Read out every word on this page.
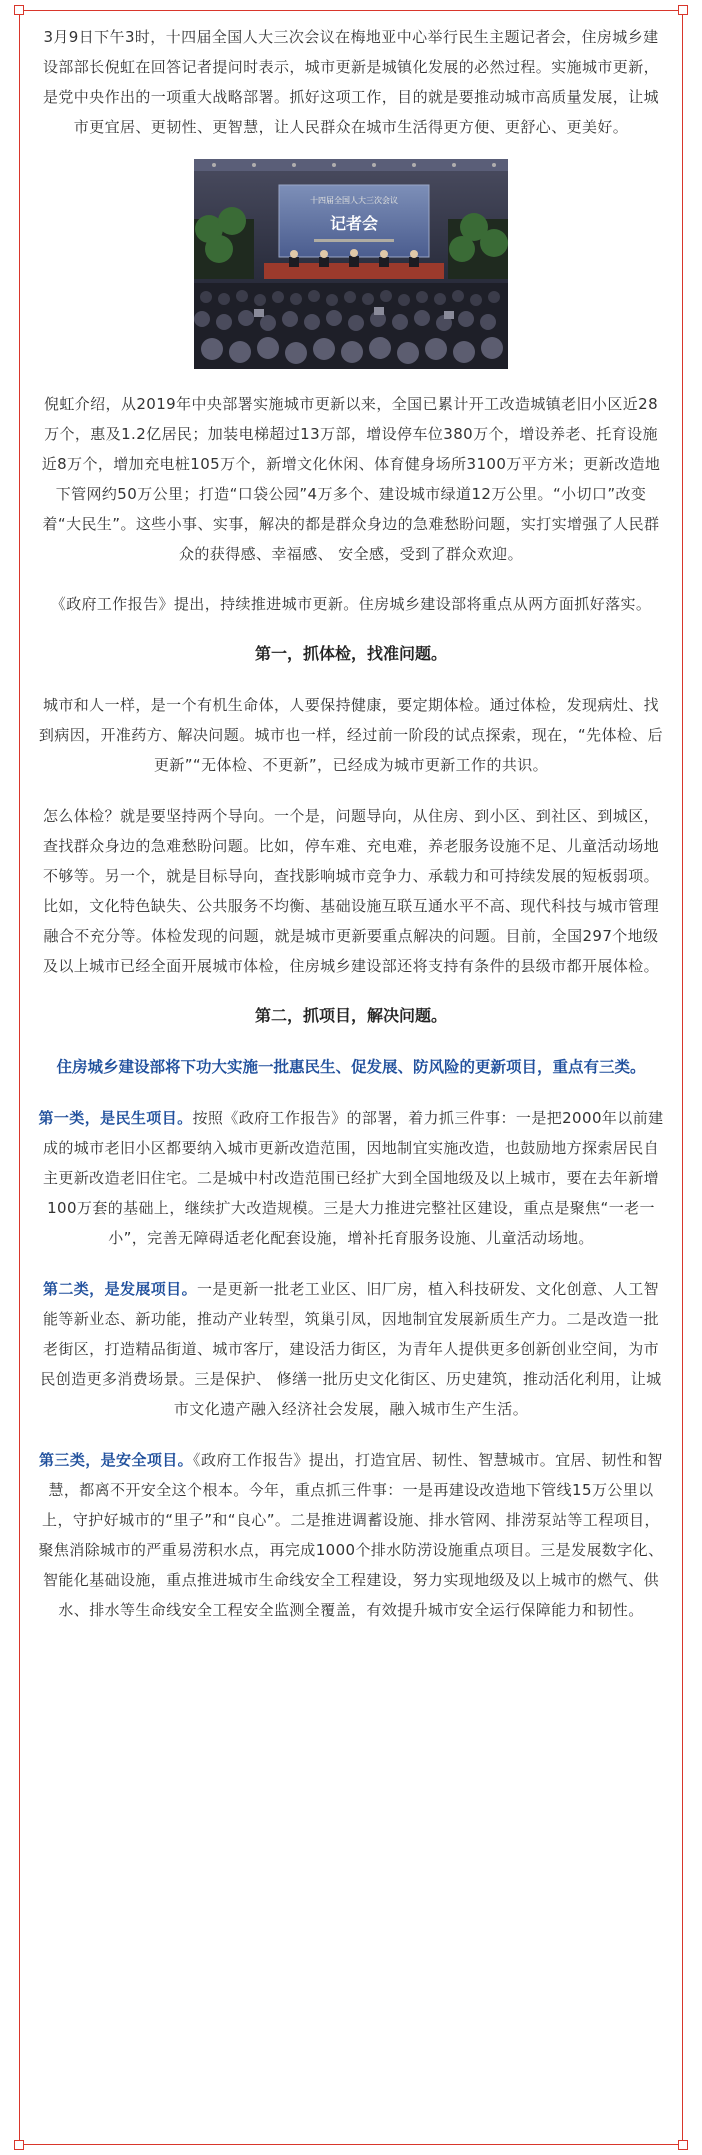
3月9日下午3时，十四届全国人大三次会议在梅地亚中心举行民生主题记者会，住房城乡建设部部长倪虹在回答记者提问时表示，城市更新是城镇化发展的必然过程。实施城市更新，是党中央作出的一项重大战略部署。抓好这项工作，目的就是要推动城市高质量发展，让城市更宜居、更韧性、更智慧，让人民群众在城市生活得更方便、更舒心、更美好。

十四届全国人大三次会议
记者会

倪虹介绍，从2019年中央部署实施城市更新以来，全国已累计开工改造城镇老旧小区近28万个，惠及1.2亿居民；加装电梯超过13万部，增设停车位380万个，增设养老、托育设施近8万个，增加充电桩105万个，新增文化休闲、体育健身场所3100万平方米；更新改造地下管网约50万公里；打造“口袋公园”4万多个、建设城市绿道12万公里。“小切口”改变着“大民生”。这些小事、实事，解决的都是群众身边的急难愁盼问题，实打实增强了人民群众的获得感、幸福感、 安全感，受到了群众欢迎。

《政府工作报告》提出，持续推进城市更新。住房城乡建设部将重点从两方面抓好落实。

第一，抓体检，找准问题。

城市和人一样，是一个有机生命体，人要保持健康，要定期体检。通过体检，发现病灶、找到病因，开准药方、解决问题。城市也一样，经过前一阶段的试点探索，现在，“先体检、后更新”“无体检、不更新”，已经成为城市更新工作的共识。

怎么体检？就是要坚持两个导向。一个是，问题导向，从住房、到小区、到社区、到城区，查找群众身边的急难愁盼问题。比如，停车难、充电难，养老服务设施不足、儿童活动场地不够等。另一个，就是目标导向，查找影响城市竞争力、承载力和可持续发展的短板弱项。比如，文化特色缺失、公共服务不均衡、基础设施互联互通水平不高、现代科技与城市管理融合不充分等。体检发现的问题，就是城市更新要重点解决的问题。目前，全国297个地级及以上城市已经全面开展城市体检，住房城乡建设部还将支持有条件的县级市都开展体检。

第二，抓项目，解决问题。

住房城乡建设部将下功大实施一批惠民生、促发展、防风险的更新项目，重点有三类。

第一类，是民生项目。按照《政府工作报告》的部署，着力抓三件事：一是把2000年以前建成的城市老旧小区都要纳入城市更新改造范围，因地制宜实施改造，也鼓励地方探索居民自主更新改造老旧住宅。二是城中村改造范围已经扩大到全国地级及以上城市，要在去年新增100万套的基础上，继续扩大改造规模。三是大力推进完整社区建设，重点是聚焦“一老一小”，完善无障碍适老化配套设施，增补托育服务设施、儿童活动场地。

第二类，是发展项目。一是更新一批老工业区、旧厂房，植入科技研发、文化创意、人工智能等新业态、新功能，推动产业转型，筑巢引凤，因地制宜发展新质生产力。二是改造一批老街区，打造精品街道、城市客厅，建设活力街区，为青年人提供更多创新创业空间，为市民创造更多消费场景。三是保护、 修缮一批历史文化街区、历史建筑，推动活化利用，让城市文化遗产融入经济社会发展，融入城市生产生活。

第三类，是安全项目。《政府工作报告》提出，打造宜居、韧性、智慧城市。宜居、韧性和智慧，都离不开安全这个根本。今年，重点抓三件事：一是再建设改造地下管线15万公里以上，守护好城市的“里子”和“良心”。二是推进调蓄设施、排水管网、排涝泵站等工程项目，聚焦消除城市的严重易涝积水点，再完成1000个排水防涝设施重点项目。三是发展数字化、智能化基础设施，重点推进城市生命线安全工程建设，努力实现地级及以上城市的燃气、供水、排水等生命线安全工程安全监测全覆盖，有效提升城市安全运行保障能力和韧性。
